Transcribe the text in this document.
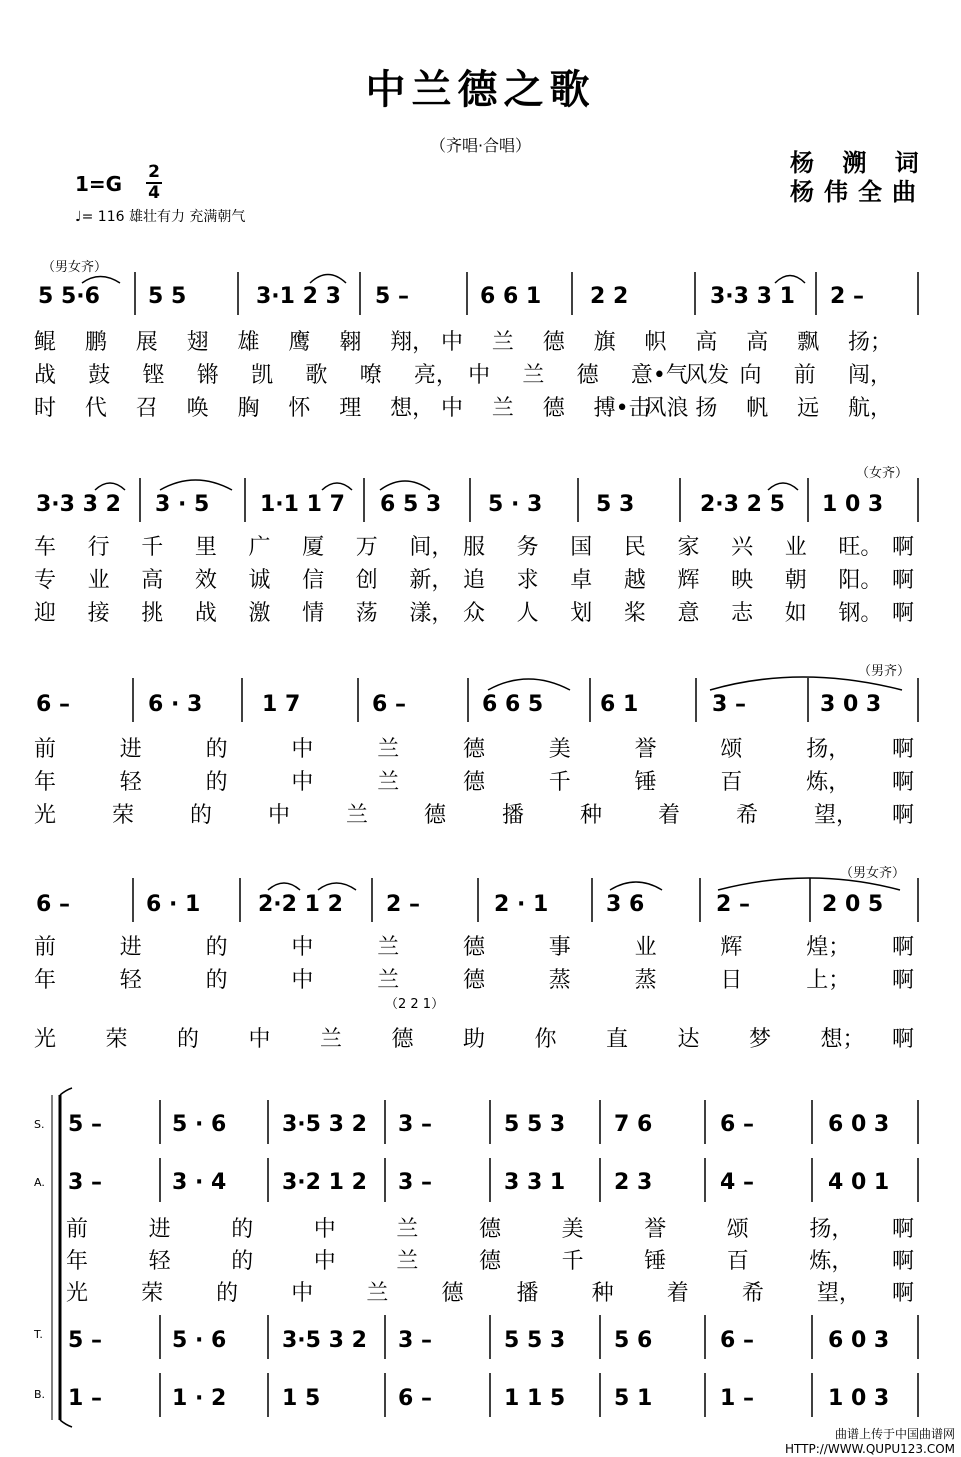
中兰德之歌
（齐唱·合唱）
杨 溯 词
杨伟全曲
1=G 2
4
♩= 116 雄壮有力 充满朝气
（男女齐）
（女齐）
（男齐）
（男女齐）
（2 2 1）
5 5·6 5 5	3·1 2 3 5 –	6 6 1 2 2	3·3 3 1 2 –
鲲 鹏 展 翅 雄 鹰 翱 翔， 中 兰 德 旗 帜 高 高 飘 扬；
战 鼓 铿 锵 凯 歌 嘹 亮， 中 兰 德 意•气
风发 向 前 闯，
时 代 召 唤 胸 怀 理 想， 中 兰 德 搏•击
风浪 扬 帆 远 航，
3·3 3 2 3 · 5 1·1 1 7 6 5 3 5 · 3 5 3	2·3 2 5 1 0 3
车 行 千 里 广 厦 万 间， 服 务 国 民 家 兴 业 旺。 啊
专 业 高 效 诚 信 创 新， 追 求 卓 越 辉 映 朝 阳。 啊
迎 接 挑 战 激 情 荡 漾， 众 人 划 桨 意 志 如 钢。 啊
6 –	6 · 3	1 7	6 –	6 6 5	6 1	3 –	3 0 3
前	进	的	中	兰	德	美	誉	颂	扬， 啊
年	轻	的	中	兰	德	千	锤	百	炼， 啊
光	荣	的	中	兰	德	播	种	着	希	望， 啊
6 –	6 · 1	2·2 1 2 2 –	2 · 1	3 6	2 –	2 0 5
前	进	的	中	兰	德	事	业	辉	煌； 啊
年	轻	的	中	兰	德	蒸	蒸	日	上； 啊
光 荣 的 中 兰 德 助 你 直 达 梦 想； 啊
S.
A.
T.
B.
5 –	5 · 6	3·5 3 2 3 –	5 5 3 7 6	6 –	6 0 3
3 –	3 · 4	3·2 1 2 3 –	3 3 1 2 3	4 –	4 0 1
5 –	5 · 6	3·5 3 2 3 –	5 5 3 5 6	6 –	6 0 3
1 –	1 · 2	1 5	6 –	1 1 5 5 1	1 –	1 0 3
前	进	的	中	兰	德	美	誉	颂	扬， 啊
年	轻	的	中	兰	德	千	锤	百	炼， 啊
光 荣 的 中 兰 德 播 种 着 希 望， 啊
曲谱上传于中国曲谱网
HTTP://WWW.QUPU123.COM
